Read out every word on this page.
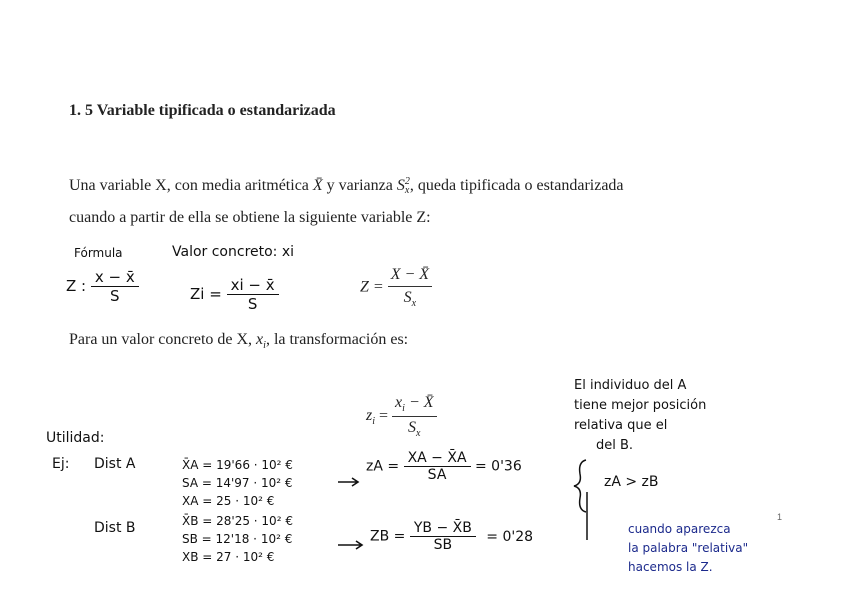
1. 5 Variable tipificada o estandarizada
Una variable X, con media aritmética X̄ y varianza S 2
x , queda tipificada o estandarizada
cuando a partir de ella se obtiene la siguiente variable Z:
$Z = \frac{X - X̄}{S_x}$
Para un valor concreto de X, $x_i$, la transformación es:
$z_i = \frac{x_i - X̄}{S_x}$
1
Fórmula
Z : $\frac{x - x̄}{S}$
Valor concreto: xi
$Zi = \frac{xi - x̄}{S}$
Utilidad:
Ej: Dist A
Dist B
X̄A = 19'66 · 10² €
SA = 14'97 · 10² €
XA = 25 · 10² €
X̄B = 28'25 · 10² €
SB = 12'18 · 10² €
XB = 27 · 10² €
zA = $\frac{XA - X̄A}{SA} = 0'36$
ZB = $\frac{YB - X̄B}{SB} = 0'28$
El individuo del A
tiene mejor posición
relativa que el
del B.
zA > zB
cuando aparezca
la palabra "relativa"
hacemos la Z.
